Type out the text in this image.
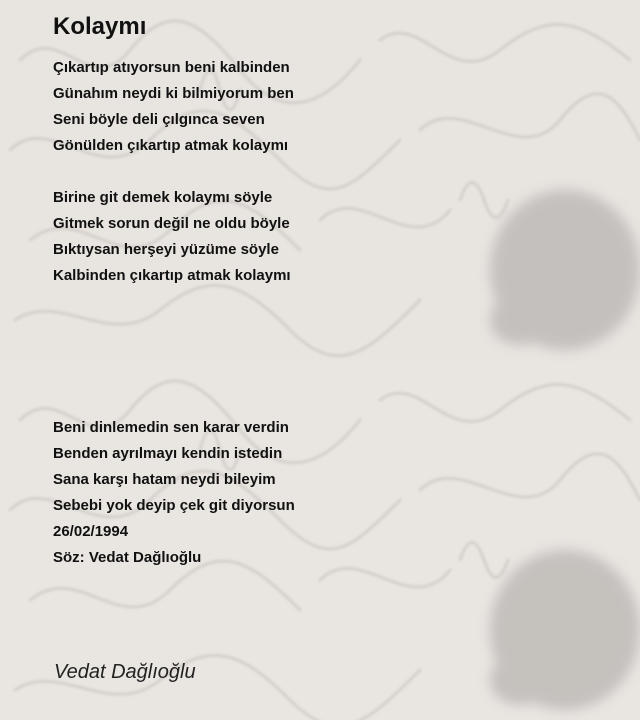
Kolaymı
Çıkartıp atıyorsun beni kalbinden
Günahım neydi ki bilmiyorum ben
Seni böyle deli çılgınca seven
Gönülden çıkartıp atmak kolaymı
Birine git demek kolaymı söyle
Gitmek sorun değil ne oldu böyle
Bıktıysan herşeyi yüzüme söyle
Kalbinden çıkartıp atmak kolaymı
Beni dinlemedin sen karar verdin
Benden ayrılmayı kendin istedin
Sana karşı hatam neydi bileyim
Sebebi yok deyip çek git diyorsun
26/02/1994
Söz: Vedat Dağlıoğlu

Vedat Dağlıoğlu
